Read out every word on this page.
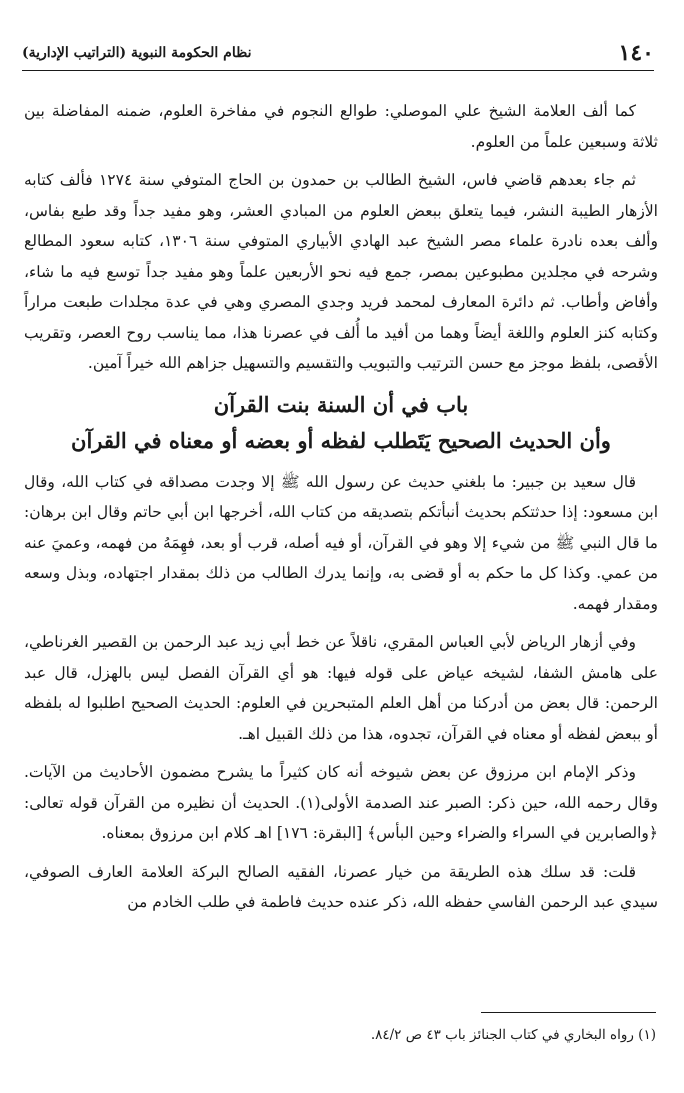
١٤٠
نظام الحكومة النبوية (التراتيب الإدارية)

كما ألف العلامة الشيخ علي الموصلي: طوالع النجوم في مفاخرة العلوم، ضمنه المفاضلة بين ثلاثة وسبعين علماً من العلوم.

ثم جاء بعدهم قاضي فاس، الشيخ الطالب بن حمدون بن الحاج المتوفي سنة ١٢٧٤ فألف كتابه الأزهار الطيبة النشر، فيما يتعلق ببعض العلوم من المبادي العشر، وهو مفيد جداً وقد طبع بفاس، وألف بعده نادرة علماء مصر الشيخ عبد الهادي الأبياري المتوفي سنة ١٣٠٦، كتابه سعود المطالع وشرحه في مجلدين مطبوعين بمصر، جمع فيه نحو الأربعين علماً وهو مفيد جداً توسع فيه ما شاء، وأفاض وأطاب. ثم دائرة المعارف لمحمد فريد وجدي المصري وهي في عدة مجلدات طبعت مراراً وكتابه كنز العلوم واللغة أيضاً وهما من أفيد ما أُلف في عصرنا هذا، مما يناسب روح العصر، وتقريب الأقصى، بلفظ موجز مع حسن الترتيب والتبويب والتقسيم والتسهيل جزاهم الله خيراً آمين.

باب في أن السنة بنت القرآن
وأن الحديث الصحيح يَتَطلب لفظه أو بعضه أو معناه في القرآن

قال سعيد بن جبير: ما بلغني حديث عن رسول الله ﷺ إلا وجدت مصداقه في كتاب الله، وقال ابن مسعود: إذا حدثتكم بحديث أنبأتكم بتصديقه من كتاب الله، أخرجها ابن أبي حاتم وقال ابن برهان: ما قال النبي ﷺ من شيء إلا وهو في القرآن، أو فيه أصله، قرب أو بعد، فهِمَهُ من فهمه، وعميَ عنه من عمي. وكذا كل ما حكم به أو قضى به، وإنما يدرك الطالب من ذلك بمقدار اجتهاده، وبذل وسعه ومقدار فهمه.

وفي أزهار الرياض لأبي العباس المقري، ناقلاً عن خط أبي زيد عبد الرحمن بن القصير الغرناطي، على هامش الشفا، لشيخه عياض على قوله فيها: هو أي القرآن الفصل ليس بالهزل، قال عبد الرحمن: قال بعض من أدركنا من أهل العلم المتبحرين في العلوم: الحديث الصحيح اطلبوا له بلفظه أو ببعض لفظه أو معناه في القرآن، تجدوه، هذا من ذلك القبيل اهـ.

وذكر الإمام ابن مرزوق عن بعض شيوخه أنه كان كثيراً ما يشرح مضمون الأحاديث من الآيات. وقال رحمه الله، حين ذكر: الصبر عند الصدمة الأولى(١). الحديث أن نظيره من القرآن قوله تعالى: ﴿والصابرين في السراء والضراء وحين البأس﴾ [البقرة: ١٧٦] اهـ كلام ابن مرزوق بمعناه.

قلت: قد سلك هذه الطريقة من خيار عصرنا، الفقيه الصالح البركة العلامة العارف الصوفي، سيدي عبد الرحمن الفاسي حفظه الله، ذكر عنده حديث فاطمة في طلب الخادم من

(١) رواه البخاري في كتاب الجنائز باب ٤٣ ص ٨٤/٢.
